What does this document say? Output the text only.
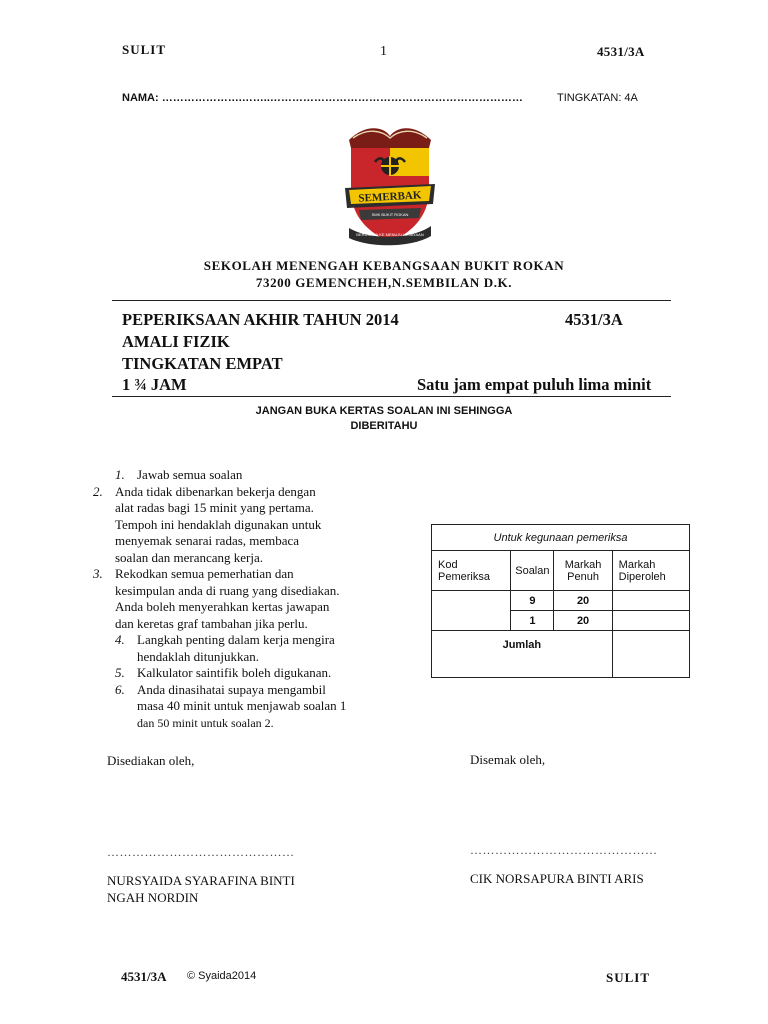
SULIT	1	4531/3A
NAMA: ………………….……..……………………………………………………………	TINGKATAN: 4A
SEMERBAK
BERUSAHA KE MENUJU KEJAYAAN
SMK BUKIT ROKAN
SEKOLAH MENENGAH KEBANGSAAN BUKIT ROKAN
73200 GEMENCHEH,N.SEMBILAN D.K.
PEPERIKSAAN AKHIR TAHUN 2014	4531/3A
AMALI FIZIK
TINGKATAN EMPAT
1 ¾ JAM	Satu jam empat puluh lima minit
JANGAN BUKA KERTAS SOALAN INI SEHINGGA
DIBERITAHU
1. Jawab semua soalan
2. Anda tidak dibenarkan bekerja dengan
alat radas bagi 15 minit yang pertama.
Tempoh ini hendaklah digunakan untuk
menyemak senarai radas, membaca
soalan dan merancang kerja.
3. Rekodkan semua pemerhatian dan
kesimpulan anda di ruang yang disediakan.
Anda boleh menyerahkan kertas jawapan
dan keretas graf tambahan jika perlu.
4. Langkah penting dalam kerja mengira
hendaklah ditunjukkan.
5. Kalkulator saintifik boleh digukanan.
6. Anda dinasihatai supaya mengambil
masa 40 minit untuk menjawab soalan 1
dan 50 minit untuk soalan 2.
Untuk kegunaan pemeriksa			
Kod Pemeriksa	Soalan	Markah Penuh	Markah Diperoleh
	9	20	
	1	20	
Jumlah			
Disediakan oleh,	Disemak oleh,
………………………………………	………………………………………
NURSYAIDA SYARAFINA BINTI
NGAH NORDIN
CIK NORSAPURA BINTI ARIS
4531/3A © Syaida2014	SULIT
